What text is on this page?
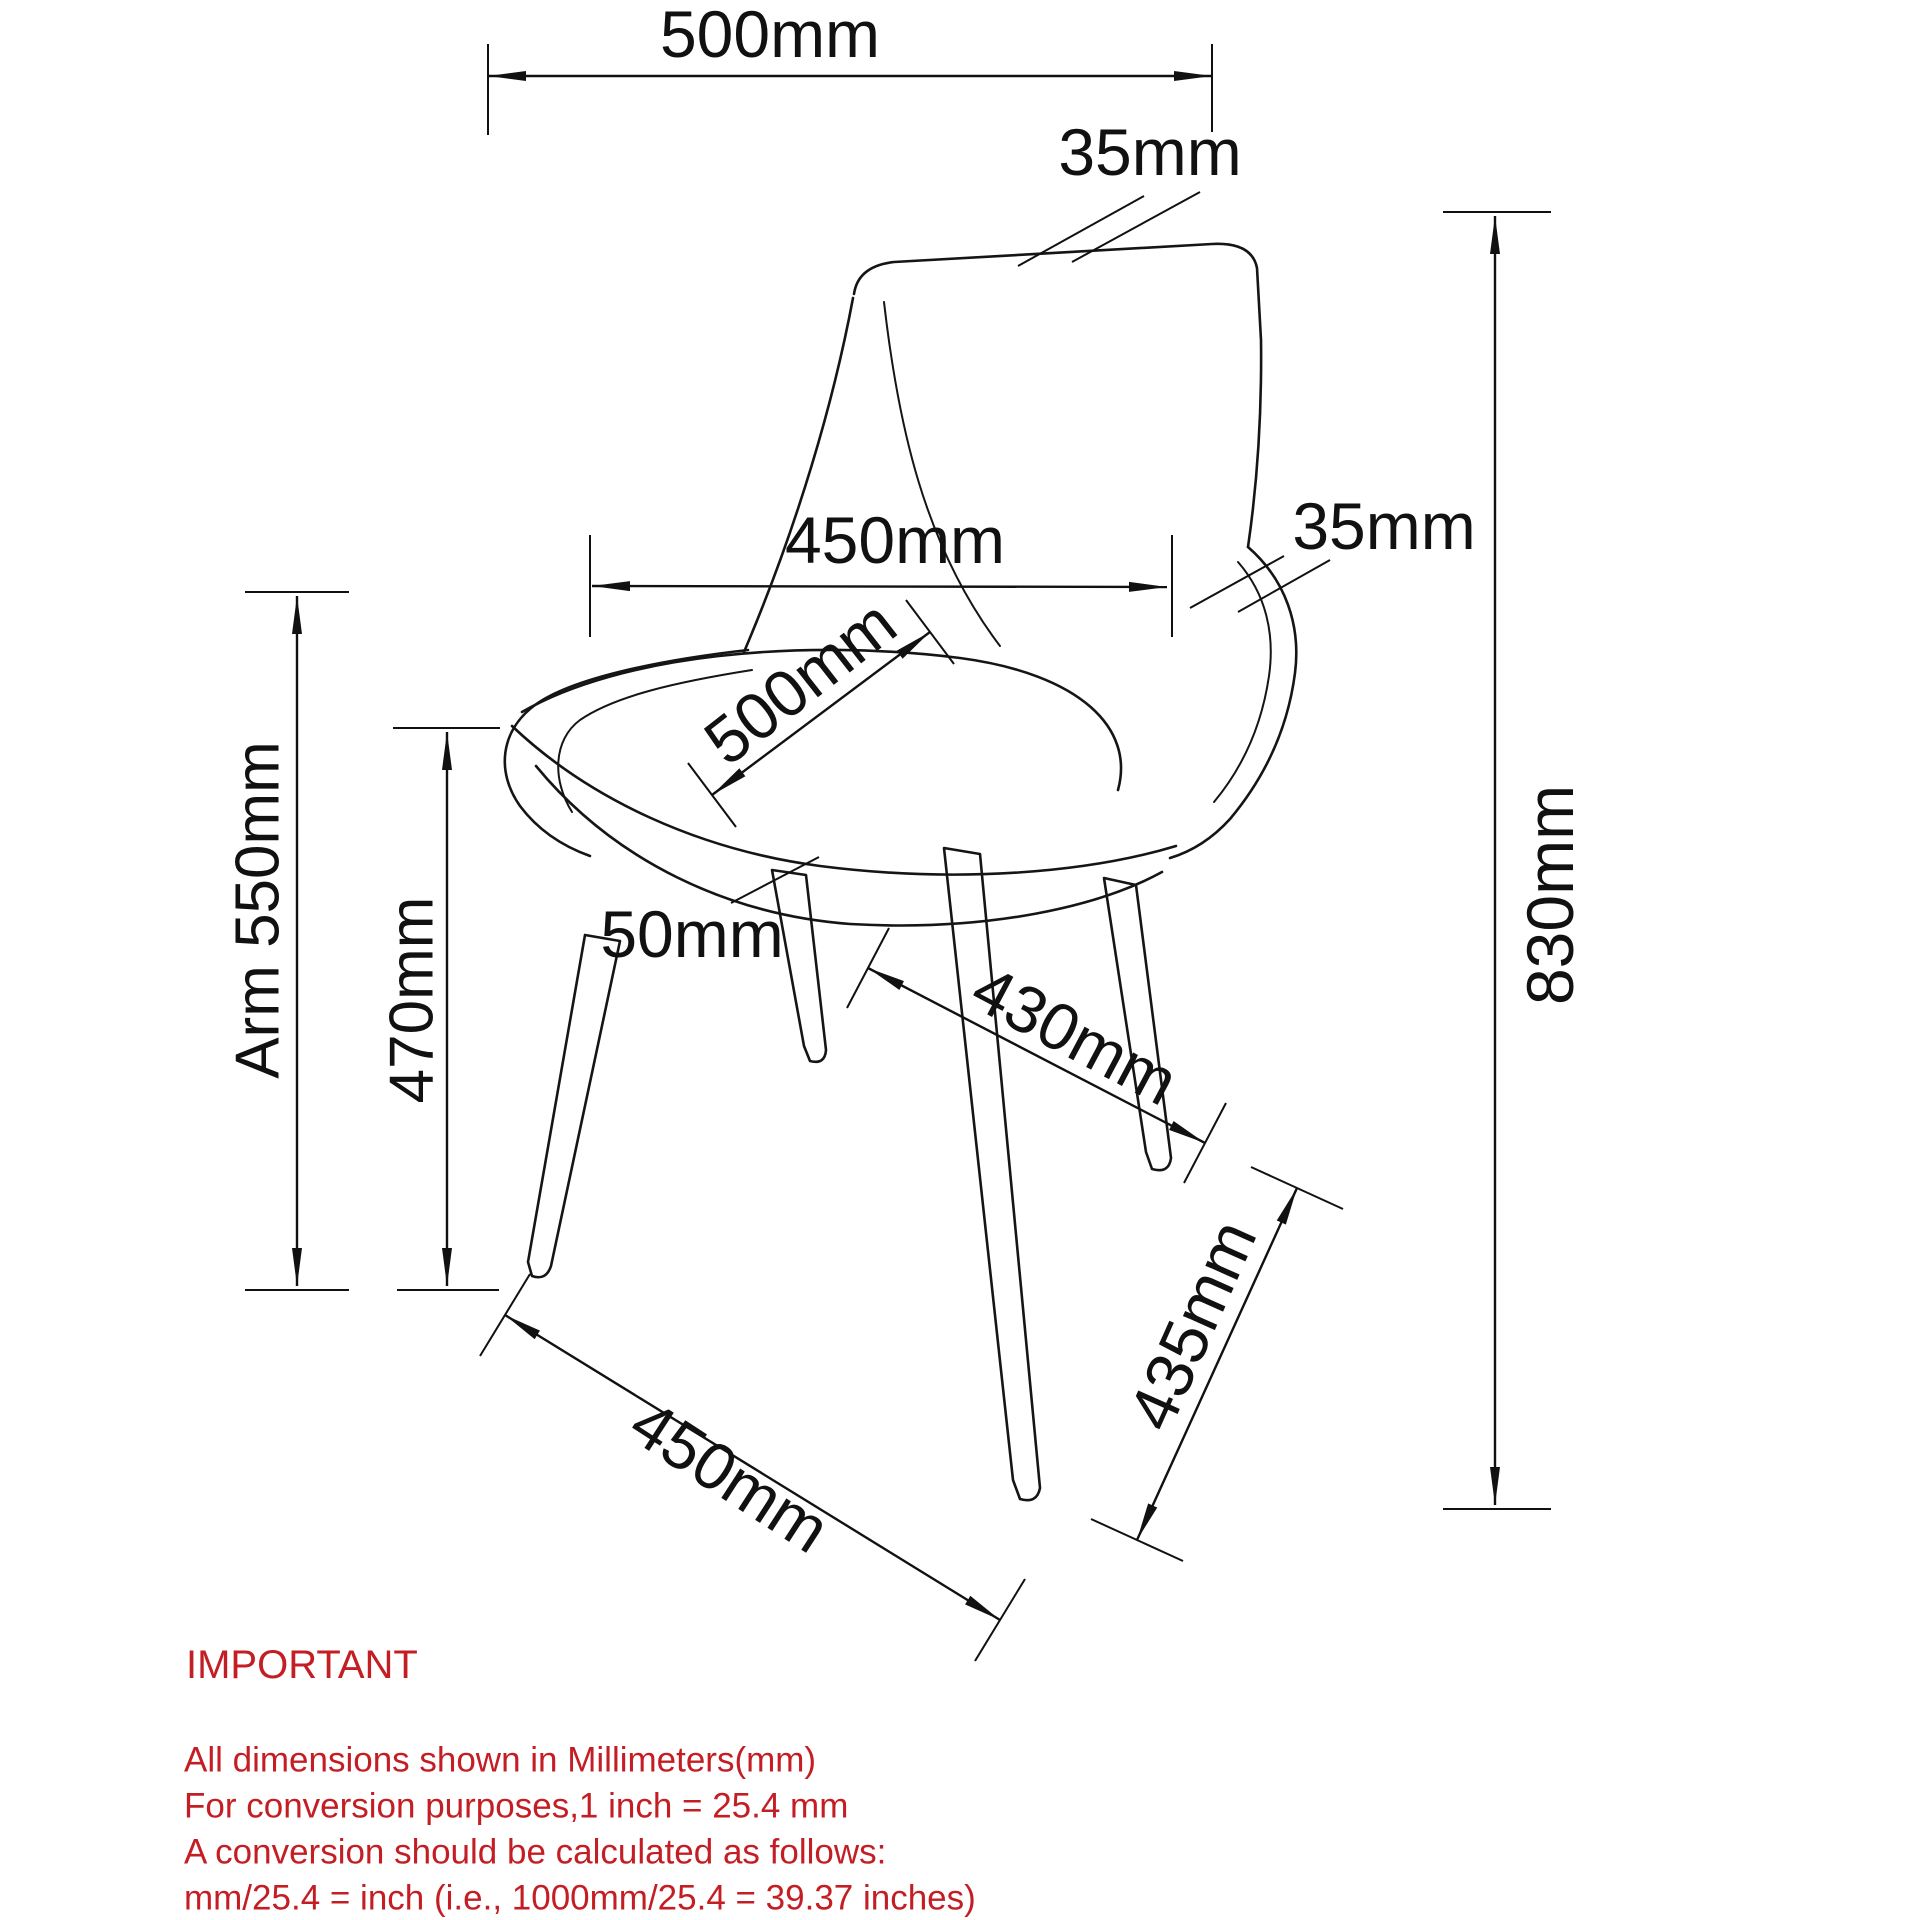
500mm
35mm
830mm
450mm	35mm
500mm
50mm
430mm
435mm
Arm 550mm 470mm
450mm
IMPORTANT
All dimensions shown in Millimeters(mm)
For conversion purposes,1 inch = 25.4 mm
A conversion should be calculated as follows:
mm/25.4 = inch (i.e., 1000mm/25.4 = 39.37 inches)
